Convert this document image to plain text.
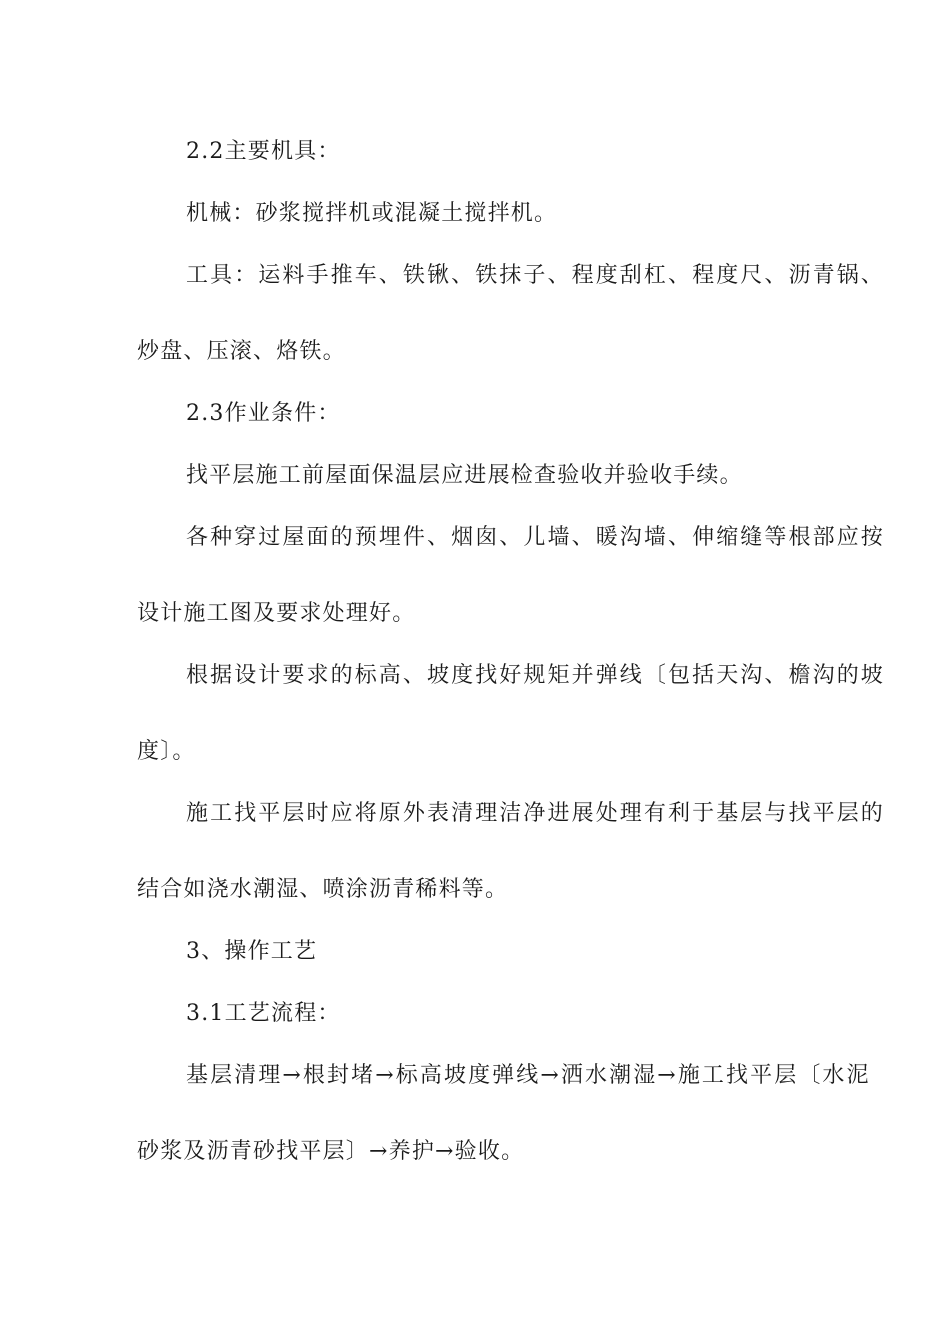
2.2主要机具：
机械：砂浆搅拌机或混凝土搅拌机。
工具：运料手推车、铁锹、铁抹子、程度刮杠、程度尺、沥青锅、
炒盘、压滚、烙铁。
2.3作业条件：
找平层施工前屋面保温层应进展检查验收并验收手续。
各种穿过屋面的预埋件、烟囱、儿墙、暖沟墙、伸缩缝等根部应按
设计施工图及要求处理好。
根据设计要求的标高、坡度找好规矩并弹线〔包括天沟、檐沟的坡
度〕。
施工找平层时应将原外表清理洁净进展处理有利于基层与找平层的
结合如浇水潮湿、喷涂沥青稀料等。
3、操作工艺
3.1工艺流程：
基层清理→根封堵→标高坡度弹线→洒水潮湿→施工找平层〔水泥
砂浆及沥青砂找平层〕→养护→验收。
